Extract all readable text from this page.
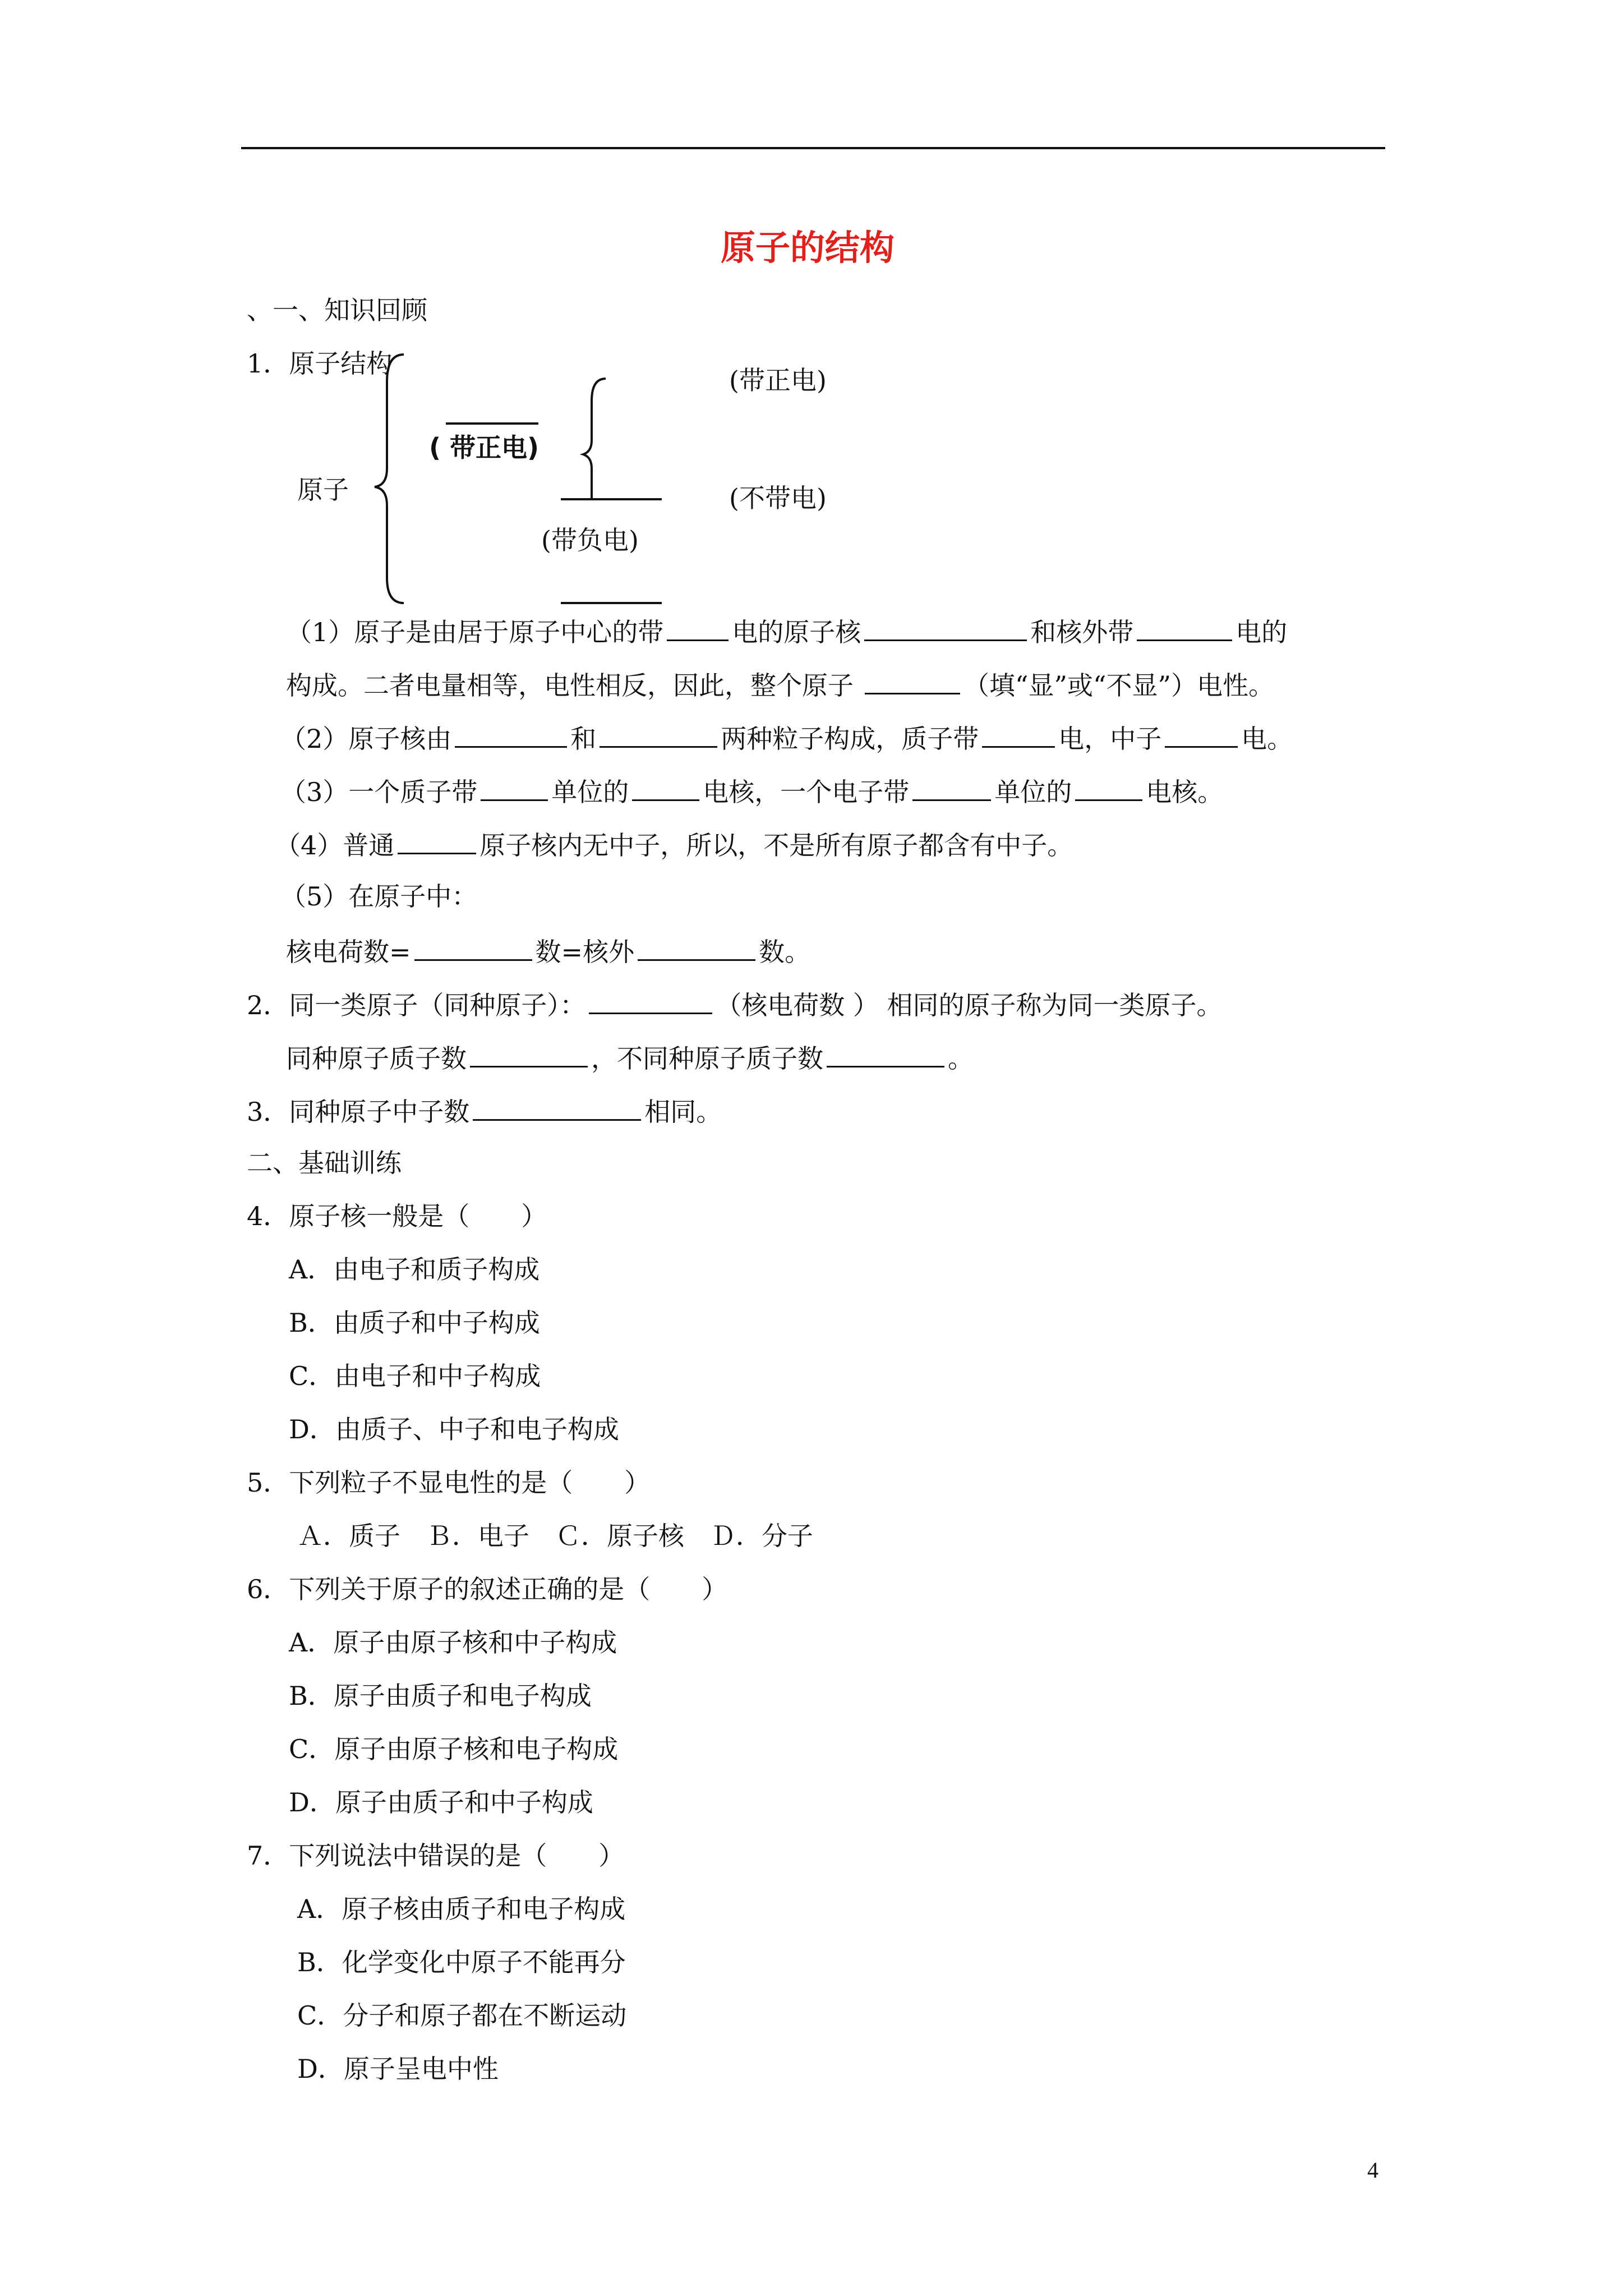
原子的结构
、一、知识回顾
1．原子结构
原子
( 带正电)
(带负电)
(带正电)
(不带电)
（1）原子是由居于原子中心的带	电的原子核	和核外带	电的
构成。二者电量相等，电性相反，因此，整个原子	（填“显”或“不显”）电性。
（2）原子核由	和	两种粒子构成，质子带	电，中子	电。
（3）一个质子带	单位的	电核，一个电子带	单位的	电核。
（4）普通	原子核内无中子，所以，不是所有原子都含有中子。
（5）在原子中：
核电荷数=	数=核外	数。
2．同一类原子（同种原子）：	（核电荷数 ） 相同的原子称为同一类原子。
同种原子质子数	，不同种原子质子数	。
3．同种原子中子数	相同。
二、基础训练
4．原子核一般是（　　）
A．由电子和质子构成
B．由质子和中子构成
C．由电子和中子构成
D．由质子、中子和电子构成
5．下列粒子不显电性的是（　　）
Ａ．质子　Ｂ．电子　Ｃ．原子核　Ｄ．分子
6．下列关于原子的叙述正确的是（　　）
A．原子由原子核和中子构成
B．原子由质子和电子构成
C．原子由原子核和电子构成
D．原子由质子和中子构成
7．下列说法中错误的是（　　）
A．原子核由质子和电子构成
B．化学变化中原子不能再分
C．分子和原子都在不断运动
D．原子呈电中性
4
